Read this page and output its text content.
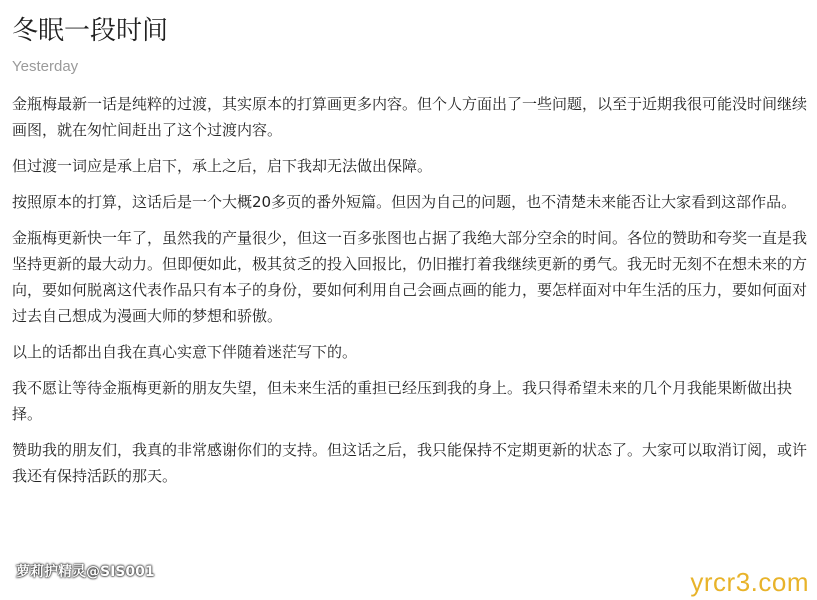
冬眠一段时间
Yesterday

金瓶梅最新一话是纯粹的过渡，其实原本的打算画更多内容。但个人方面出了一些问题，以至于近期我很可能没时间继续画图，就在匆忙间赶出了这个过渡内容。

但过渡一词应是承上启下，承上之后，启下我却无法做出保障。

按照原本的打算，这话后是一个大概20多页的番外短篇。但因为自己的问题，也不清楚未来能否让大家看到这部作品。

金瓶梅更新快一年了，虽然我的产量很少，但这一百多张图也占据了我绝大部分空余的时间。各位的赞助和夸奖一直是我坚持更新的最大动力。但即便如此，极其贫乏的投入回报比，仍旧摧打着我继续更新的勇气。我无时无刻不在想未来的方向，要如何脱离这代表作品只有本子的身份，要如何利用自己会画点画的能力，要怎样面对中年生活的压力，要如何面对过去自己想成为漫画大师的梦想和骄傲。

以上的话都出自我在真心实意下伴随着迷茫写下的。

我不愿让等待金瓶梅更新的朋友失望，但未来生活的重担已经压到我的身上。我只得希望未来的几个月我能果断做出抉择。

赞助我的朋友们，我真的非常感谢你们的支持。但这话之后，我只能保持不定期更新的状态了。大家可以取消订阅，或许我还有保持活跃的那天。

萝莉护精灵@SIS001	yrcr3.com
